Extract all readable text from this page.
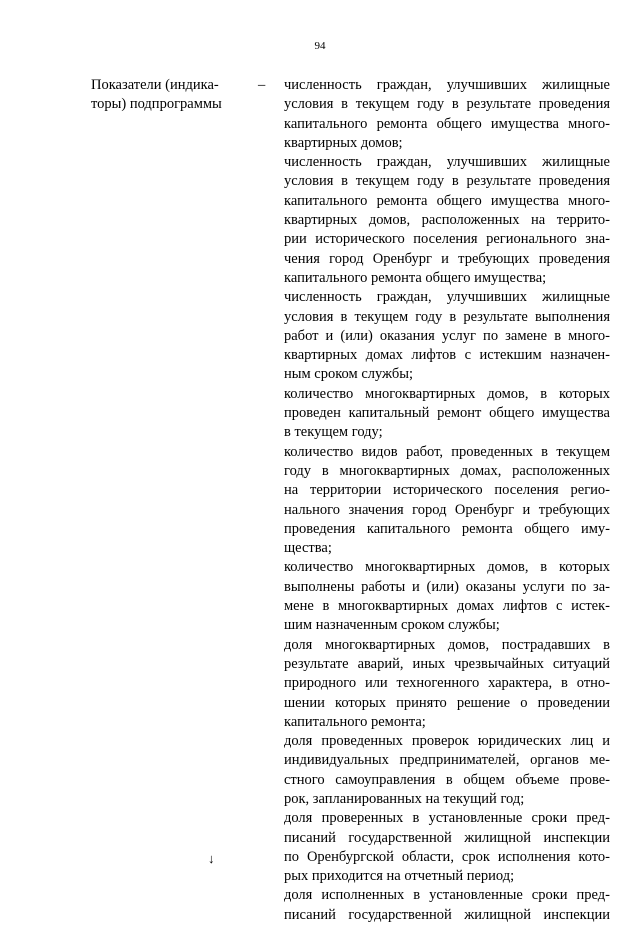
94
Показатели (индика-
торы) подпрограммы
– численность граждан, улучшивших жилищные
условия в текущем году в результате проведения
капитального ремонта общего имущества много-
квартирных домов;
численность граждан, улучшивших жилищные
условия в текущем году в результате проведения
капитального ремонта общего имущества много-
квартирных домов, расположенных на террито-
рии исторического поселения регионального зна-
чения город Оренбург и требующих проведения
капитального ремонта общего имущества;
численность граждан, улучшивших жилищные
условия в текущем году в результате выполнения
работ и (или) оказания услуг по замене в много-
квартирных домах лифтов с истекшим назначен-
ным сроком службы;
количество многоквартирных домов, в которых
проведен капитальный ремонт общего имущества
в текущем году;
количество видов работ, проведенных в текущем
году в многоквартирных домах, расположенных
на территории исторического поселения регио-
нального значения город Оренбург и требующих
проведения капитального ремонта общего иму-
щества;
количество многоквартирных домов, в которых
выполнены работы и (или) оказаны услуги по за-
мене в многоквартирных домах лифтов с истек-
шим назначенным сроком службы;
доля многоквартирных домов, пострадавших в
результате аварий, иных чрезвычайных ситуаций
природного или техногенного характера, в отно-
шении которых принято решение о проведении
капитального ремонта;
доля проведенных проверок юридических лиц и
индивидуальных предпринимателей, органов ме-
стного самоуправления в общем объеме прове-
рок, запланированных на текущий год;
доля проверенных в установленные сроки пред-
писаний государственной жилищной инспекции
по Оренбургской области, срок исполнения кото-
рых приходится на отчетный период;
доля исполненных в установленные сроки пред-
писаний государственной жилищной инспекции
↓
